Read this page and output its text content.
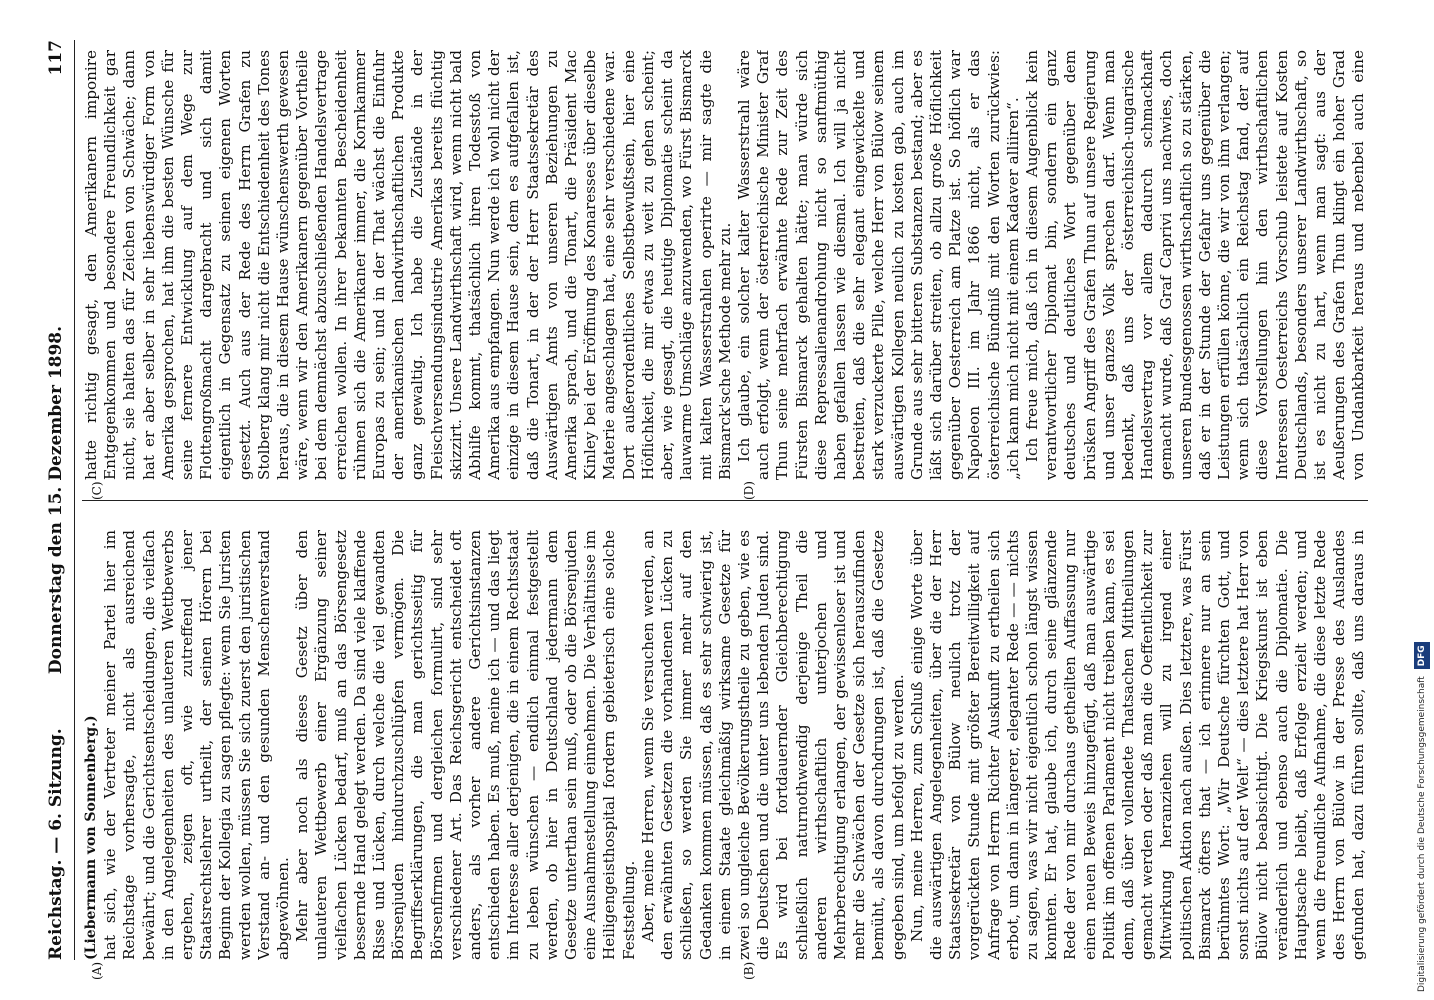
Reichstag. — 6. Sitzung.
Donnerstag den 15. Dezember 1898.
117
(A)	(B)
(C)	(D)
(Liebermann von Sonnenberg.) hat sich, wie der Vertreter meiner Partei hier im Reichstage vorhersagte, nicht als ausreichend bewährt; und die Gerichtsentscheidungen, die vielfach in den Angelegenheiten des unlauteren Wettbewerbs ergehen, zeigen oft, wie zutreffend jener Staatsrechtslehrer urtheilt, der seinen Hörern bei Beginn der Kollegia zu sagen pflegte: wenn Sie Juristen werden wollen, müssen Sie sich zuerst den juristischen Verstand an- und den gesunden Menschenverstand abgewöhnen. Mehr aber noch als dieses Gesetz über den unlauteren Wettbewerb einer Ergänzung seiner vielfachen Lücken bedarf, muß an das Börsengesetz bessernde Hand gelegt werden. Da sind viele klaffende Risse und Lücken, durch welche die viel gewandten Börsenjuden hindurchzuschlüpfen vermögen. Die Begriffserklärungen, die man gerichtsseitig für Börsenfirmen und dergleichen formulirt, sind sehr verschiedener Art. Das Reichsgericht entscheidet oft anders, als vorher andere Gerichtsinstanzen entschieden haben. Es muß, meine ich — und das liegt im Interesse aller derjenigen, die in einem Rechtsstaat zu leben wünschen — endlich einmal festgestellt werden, ob hier in Deutschland jedermann dem Gesetze unterthan sein muß, oder ob die Börsenjuden eine Ausnahmestellung einnehmen. Die Verhältnisse im Heiligengeisthospital fordern gebieterisch eine solche Feststellung. Aber, meine Herren, wenn Sie versuchen werden, an den erwähnten Gesetzen die vorhandenen Lücken zu schließen, so werden Sie immer mehr auf den Gedanken kommen müssen, daß es sehr schwierig ist, in einem Staate gleichmäßig wirksame Gesetze für zwei so ungleiche Bevölkerungstheile zu geben, wie es die Deutschen und die unter uns lebenden Juden sind. Es wird bei fortdauernder Gleichberechtigung schließlich naturnothwendig derjenige Theil die anderen wirthschaftlich unterjochen und Mehrberechtigung erlangen, der gewissenloser ist und mehr die Schwächen der Gesetze sich herauszufinden bemüht, als davon durchdrungen ist, daß die Gesetze gegeben sind, um befolgt zu werden. Nun, meine Herren, zum Schluß einige Worte über die auswärtigen Angelegenheiten, über die der Herr Staatssekretär von Bülow neulich trotz der vorgerückten Stunde mit größter Bereitwilligkeit auf Anfrage von Herrn Richter Auskunft zu ertheilen sich erbot, um dann in längerer, eleganter Rede — — nichts zu sagen, was wir nicht eigentlich schon längst wissen konnten. Er hat, glaube ich, durch seine glänzende Rede der von mir durchaus getheilten Auffassung nur einen neuen Beweis hinzugefügt, daß man auswärtige Politik im offenen Parlament nicht treiben kann, es sei denn, daß über vollendete Thatsachen Mittheilungen gemacht werden oder daß man die Oeffentlichkeit zur Mitwirkung heranziehen will zu irgend einer politischen Aktion nach außen. Dies letztere, was Fürst Bismarck öfters that — ich erinnere nur an sein berühmtes Wort: „Wir Deutsche fürchten Gott, und sonst nichts auf der Welt“ — dies letztere hat Herr von Bülow nicht beabsichtigt. Die Kriegskunst ist eben veränderlich und ebenso auch die Diplomatie. Die Hauptsache bleibt, daß Erfolge erzielt werden; und wenn die freundliche Aufnahme, die diese letzte Rede des Herrn von Bülow in der Presse des Auslandes gefunden hat, dazu führen sollte, daß uns daraus in

hatte richtig gesagt, den Amerikanern imponire Entgegenkommen und besondere Freundlichkeit gar nicht, sie halten das für Zeichen von Schwäche; dann hat er aber selber in sehr liebenswürdiger Form von Amerika gesprochen, hat ihm die besten Wünsche für seine fernere Entwicklung auf dem Wege zur Flottengroßmacht dargebracht und sich damit eigentlich in Gegensatz zu seinen eigenen Worten gesetzt. Auch aus der Rede des Herrn Grafen zu Stolberg klang mir nicht die Entschiedenheit des Tones heraus, die in diesem Hause wünschenswerth gewesen wäre, wenn wir den Amerikanern gegenüber Vortheile bei dem demnächst abzuschließenden Handelsvertrage erreichen wollen. In ihrer bekannten Bescheidenheit rühmen sich die Amerikaner immer, die Kornkammer Europas zu sein; und in der That wächst die Einfuhr der amerikanischen landwirthschaftlichen Produkte ganz gewaltig. Ich habe die Zustände in der Fleischversendungsindustrie Amerikas bereits flüchtig skizzirt. Unsere Landwirthschaft wird, wenn nicht bald Abhilfe kommt, thatsächlich ihren Todesstoß von Amerika aus empfangen. Nun werde ich wohl nicht der einzige in diesem Hause sein, dem es aufgefallen ist, daß die Tonart, in der der Herr Staatssekretär des Auswärtigen Amts von unseren Beziehungen zu Amerika sprach, und die Tonart, die Präsident Mac Kinley bei der Eröffnung des Konaresses über dieselbe Materie angeschlagen hat, eine sehr verschiedene war. Dort außerordentliches Selbstbewußtsein, hier eine Höflichkeit, die mir etwas zu weit zu gehen scheint; aber, wie gesagt, die heutige Diplomatie scheint da lauwarme Umschläge anzuwenden, wo Fürst Bismarck mit kalten Wasserstrahlen operirte — mir sagte die Bismarck'sche Methode mehr zu. Ich glaube, ein solcher kalter Wasserstrahl wäre auch erfolgt, wenn der österreichische Minister Graf Thun seine mehrfach erwähnte Rede zur Zeit des Fürsten Bismarck gehalten hätte; man würde sich diese Repressalienandrohung nicht so sanftmüthig haben gefallen lassen wie diesmal. Ich will ja nicht bestreiten, daß die sehr elegant eingewickelte und stark verzuckerte Pille, welche Herr von Bülow seinem auswärtigen Kollegen neulich zu kosten gab, auch im Grunde aus sehr bitteren Substanzen bestand; aber es läßt sich darüber streiten, ob allzu große Höflichkeit gegenüber Oesterreich am Platze ist. So höflich war Napoleon III. im Jahr 1866 nicht, als er das österreichische Bündniß mit den Worten zurückwies: „ich kann mich nicht mit einem Kadaver alliiren“. Ich freue mich, daß ich in diesem Augenblick kein verantwortlicher Diplomat bin, sondern ein ganz deutsches und deutliches Wort gegenüber dem brüsken Angriff des Grafen Thun auf unsere Regierung und unser ganzes Volk sprechen darf. Wenn man bedenkt, daß uns der österreichisch-ungarische Handelsvertrag vor allem dadurch schmackhaft gemacht wurde, daß Graf Caprivi uns nachwies, doch unseren Bundesgenossen wirthschaftlich so zu stärken, daß er in der Stunde der Gefahr uns gegenüber die Leistungen erfüllen könne, die wir von ihm verlangen; wenn sich thatsächlich ein Reichstag fand, der auf diese Vorstellungen hin den wirthschaftlichen Interessen Oesterreichs Vorschub leistete auf Kosten Deutschlands, besonders unserer Landwirthschaft, so ist es nicht zu hart, wenn man sagt: aus der Aeußerungen des Grafen Thun klingt ein hoher Grad von Undankbarkeit heraus und nebenbei auch eine

Digitalisierung gefördert durch die Deutsche Forschungsgemeinschaft DFG
